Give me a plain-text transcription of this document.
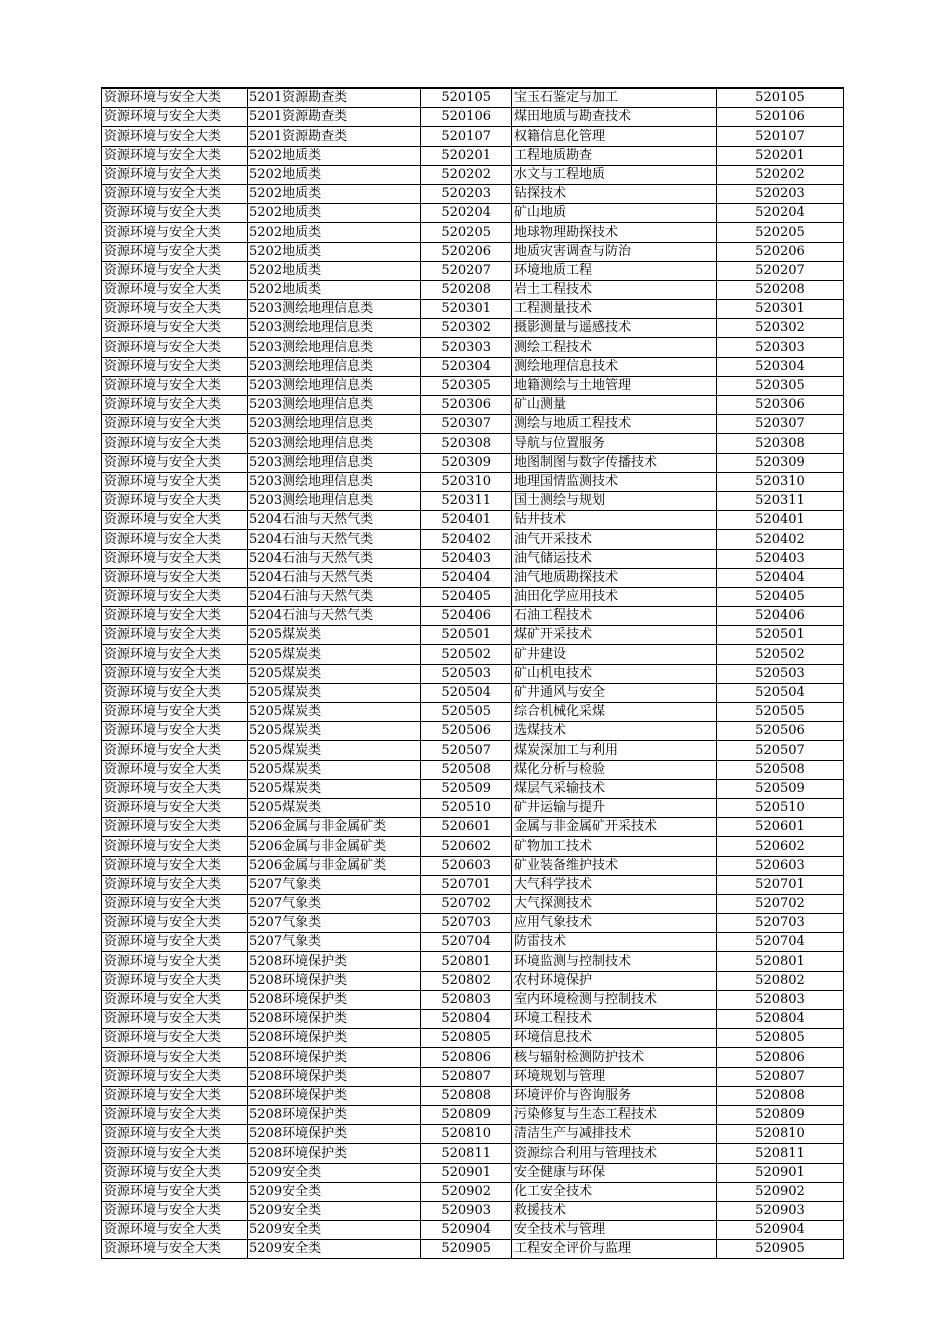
资源环境与安全大类	5201资源勘查类	520105	宝玉石鉴定与加工	520105
资源环境与安全大类	5201资源勘查类	520106	煤田地质与勘查技术	520106
资源环境与安全大类	5201资源勘查类	520107	权籍信息化管理	520107
资源环境与安全大类	5202地质类	520201	工程地质勘查	520201
资源环境与安全大类	5202地质类	520202	水文与工程地质	520202
资源环境与安全大类	5202地质类	520203	钻探技术	520203
资源环境与安全大类	5202地质类	520204	矿山地质	520204
资源环境与安全大类	5202地质类	520205	地球物理勘探技术	520205
资源环境与安全大类	5202地质类	520206	地质灾害调查与防治	520206
资源环境与安全大类	5202地质类	520207	环境地质工程	520207
资源环境与安全大类	5202地质类	520208	岩土工程技术	520208
资源环境与安全大类	5203测绘地理信息类	520301	工程测量技术	520301
资源环境与安全大类	5203测绘地理信息类	520302	摄影测量与遥感技术	520302
资源环境与安全大类	5203测绘地理信息类	520303	测绘工程技术	520303
资源环境与安全大类	5203测绘地理信息类	520304	测绘地理信息技术	520304
资源环境与安全大类	5203测绘地理信息类	520305	地籍测绘与土地管理	520305
资源环境与安全大类	5203测绘地理信息类	520306	矿山测量	520306
资源环境与安全大类	5203测绘地理信息类	520307	测绘与地质工程技术	520307
资源环境与安全大类	5203测绘地理信息类	520308	导航与位置服务	520308
资源环境与安全大类	5203测绘地理信息类	520309	地图制图与数字传播技术	520309
资源环境与安全大类	5203测绘地理信息类	520310	地理国情监测技术	520310
资源环境与安全大类	5203测绘地理信息类	520311	国土测绘与规划	520311
资源环境与安全大类	5204石油与天然气类	520401	钻井技术	520401
资源环境与安全大类	5204石油与天然气类	520402	油气开采技术	520402
资源环境与安全大类	5204石油与天然气类	520403	油气储运技术	520403
资源环境与安全大类	5204石油与天然气类	520404	油气地质勘探技术	520404
资源环境与安全大类	5204石油与天然气类	520405	油田化学应用技术	520405
资源环境与安全大类	5204石油与天然气类	520406	石油工程技术	520406
资源环境与安全大类	5205煤炭类	520501	煤矿开采技术	520501
资源环境与安全大类	5205煤炭类	520502	矿井建设	520502
资源环境与安全大类	5205煤炭类	520503	矿山机电技术	520503
资源环境与安全大类	5205煤炭类	520504	矿井通风与安全	520504
资源环境与安全大类	5205煤炭类	520505	综合机械化采煤	520505
资源环境与安全大类	5205煤炭类	520506	选煤技术	520506
资源环境与安全大类	5205煤炭类	520507	煤炭深加工与利用	520507
资源环境与安全大类	5205煤炭类	520508	煤化分析与检验	520508
资源环境与安全大类	5205煤炭类	520509	煤层气采输技术	520509
资源环境与安全大类	5205煤炭类	520510	矿井运输与提升	520510
资源环境与安全大类	5206金属与非金属矿类	520601	金属与非金属矿开采技术	520601
资源环境与安全大类	5206金属与非金属矿类	520602	矿物加工技术	520602
资源环境与安全大类	5206金属与非金属矿类	520603	矿业装备维护技术	520603
资源环境与安全大类	5207气象类	520701	大气科学技术	520701
资源环境与安全大类	5207气象类	520702	大气探测技术	520702
资源环境与安全大类	5207气象类	520703	应用气象技术	520703
资源环境与安全大类	5207气象类	520704	防雷技术	520704
资源环境与安全大类	5208环境保护类	520801	环境监测与控制技术	520801
资源环境与安全大类	5208环境保护类	520802	农村环境保护	520802
资源环境与安全大类	5208环境保护类	520803	室内环境检测与控制技术	520803
资源环境与安全大类	5208环境保护类	520804	环境工程技术	520804
资源环境与安全大类	5208环境保护类	520805	环境信息技术	520805
资源环境与安全大类	5208环境保护类	520806	核与辐射检测防护技术	520806
资源环境与安全大类	5208环境保护类	520807	环境规划与管理	520807
资源环境与安全大类	5208环境保护类	520808	环境评价与咨询服务	520808
资源环境与安全大类	5208环境保护类	520809	污染修复与生态工程技术	520809
资源环境与安全大类	5208环境保护类	520810	清洁生产与减排技术	520810
资源环境与安全大类	5208环境保护类	520811	资源综合利用与管理技术	520811
资源环境与安全大类	5209安全类	520901	安全健康与环保	520901
资源环境与安全大类	5209安全类	520902	化工安全技术	520902
资源环境与安全大类	5209安全类	520903	救援技术	520903
资源环境与安全大类	5209安全类	520904	安全技术与管理	520904
资源环境与安全大类	5209安全类	520905	工程安全评价与监理	520905
